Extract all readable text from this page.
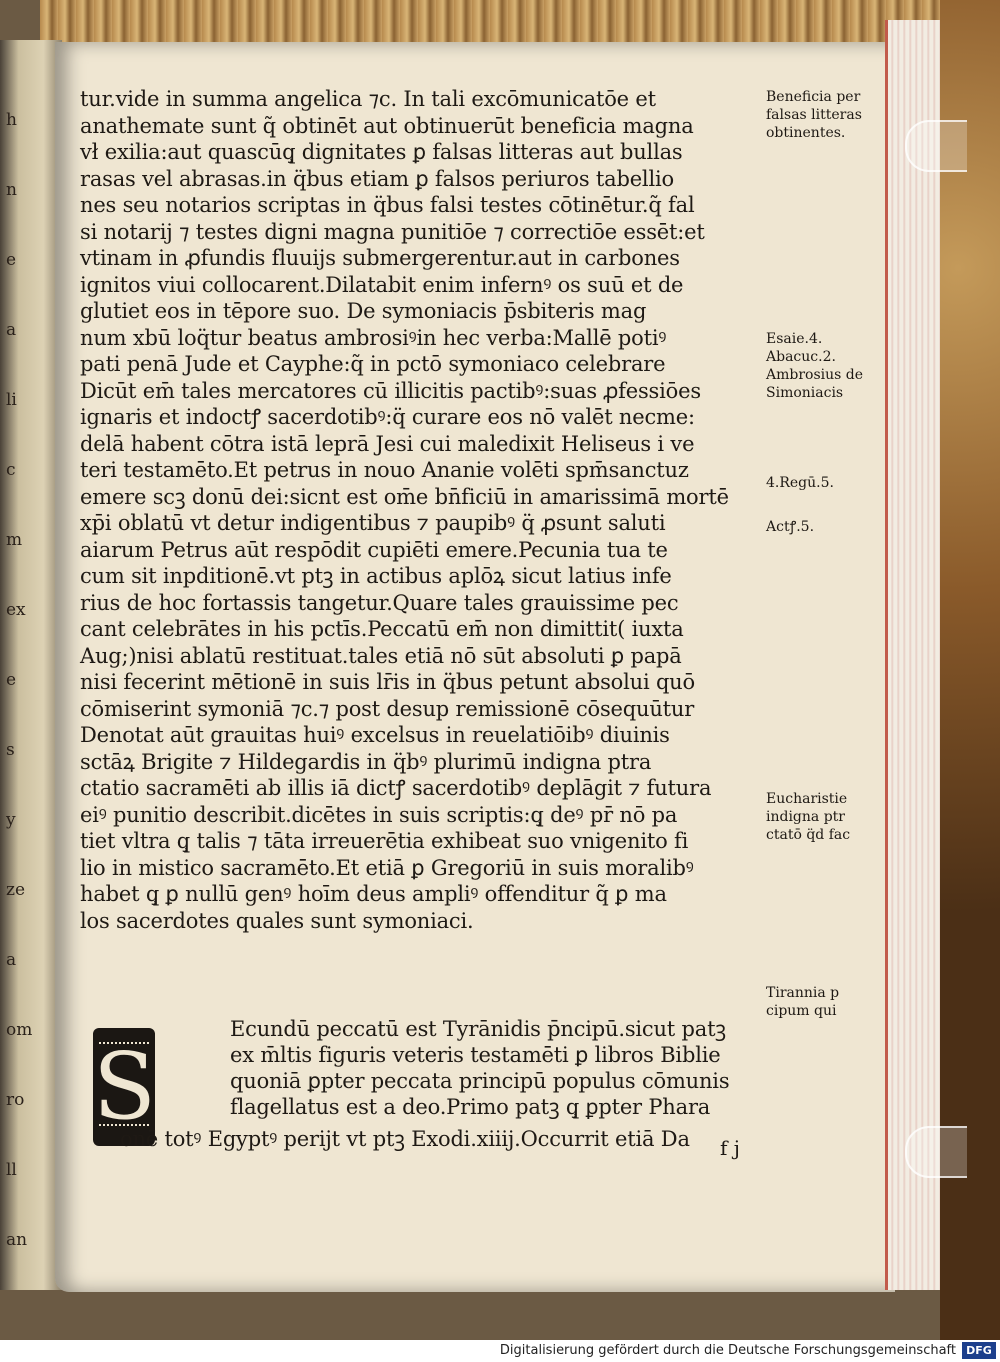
tur.vide in summa angelica ⁊c. In tali excōmunicatōe et
anathemate sunt q̃ obtinēt aut obtinuerūt beneficia magna
vł exilia:aut quascūq̧ dignitates ꝑ falsas litteras aut bullas
rasas vel abrasas.in q̈bus etiam ꝑ falsos periuros tabellio
nes seu notarios scriptas in q̈bus falsi testes cōtinētur.q̃ fal
si notarij ⁊ testes digni magna punitiōe ⁊ correctiōe essēt:et
vtinam in ꝓfundis fluuijs submergerentur.aut in carbones
ignitos viui collocarent.Dilatabit enim infernꝰ os suū et de
glutiet eos in tēpore suo. De symoniacis p̄sbiteris mag
num xbū loq̈tur beatus ambrosiꝰin hec verba:Mallē potiꝰ
pati penā Jude et Cayphe:q̃ in pctō symoniaco celebrare
Dicūt em̄ tales mercatores cū illicitis pactibꝰ:suas ꝓfessiōes
ignaris et indoctꝭ sacerdotibꝰ:q̈ curare eos nō valēt necme:
delā habent cōtra istā leprā Jesi cui maledixit Heliseus i ve
teri testamēto.Et petrus in nouo Ananie volēti spm̄sanctuz
emere scꝫ donū dei:sicnt est om̄e bn̄ficiū in amarissimā mortē
xp̄i oblatū vt detur indigentibus ⁊ paupibꝰ q̈ ꝓsunt saluti
aiarum Petrus aūt respōdit cupiēti emere.Pecunia tua te
cum sit inpditionē.vt ptꝫ in actibus aplōꝝ sicut latius infe
rius de hoc fortassis tangetur.Quare tales grauissime pec
cant celebrātes in his pctīs.Peccatū em̄ non dimittit( iuxta
Aug;)nisi ablatū restituat.tales etiā nō sūt absoluti ꝑ papā
nisi fecerint mētionē in suis lr̄is in q̈bus petunt absolui quō
cōmiserint symoniā ⁊c.⁊ post desup remissionē cōsequūtur
Denotat aūt grauitas huiꝰ excelsus in reuelatiōibꝰ diuinis
sctāꝝ Brigite ⁊ Hildegardis in q̈bꝰ plurimū indigna ptra
ctatio sacramēti ab illis iā dictꝭ sacerdotibꝰ deplāgit ⁊ futura
eiꝰ punitio describit.dicētes in suis scriptis:q̧ deꝰ pr̄ nō pa
tiet vltra q̧ talis ⁊ tāta irreuerētia exhibeat suo vnigenito fi
lio in mistico sacramēto.Et etiā ꝑ Gregoriū in suis moralibꝰ
habet q̧ ꝑ nullū genꝰ hoīm deus ampliꝰ offenditur q̃ ꝑ ma
los sacerdotes quales sunt symoniaci.
S
Ecundū peccatū est Tyrānidis p̄ncipū.sicut patꝫ
ex m̄ltis figuris veteris testamēti ꝑ libros Biblie
quoniā ꝑpter peccata principū populus cōmunis
flagellatus est a deo.Primo patꝫ q̧ ꝑpter Phara
onē totꝰ Egyptꝰ perijt vt ptꝫ Exodi.xiiij.Occurrit etiā Da f j
Beneficia per
falsas litteras
obtinentes.
Esaie.4.
Abacuc.2.
Ambrosius de
Simoniacis
4.Regū.5.
Actꝭ.5.
Eucharistie
indigna ptr
ctatō q̈d fac
Tirannia p
cipum qui
h
n
e
a
li
c
m
ex
e
s
y
ze
a
om
ro
ll
an
Digitalisierung gefördert durch die Deutsche Forschungsgemeinschaft DFG
